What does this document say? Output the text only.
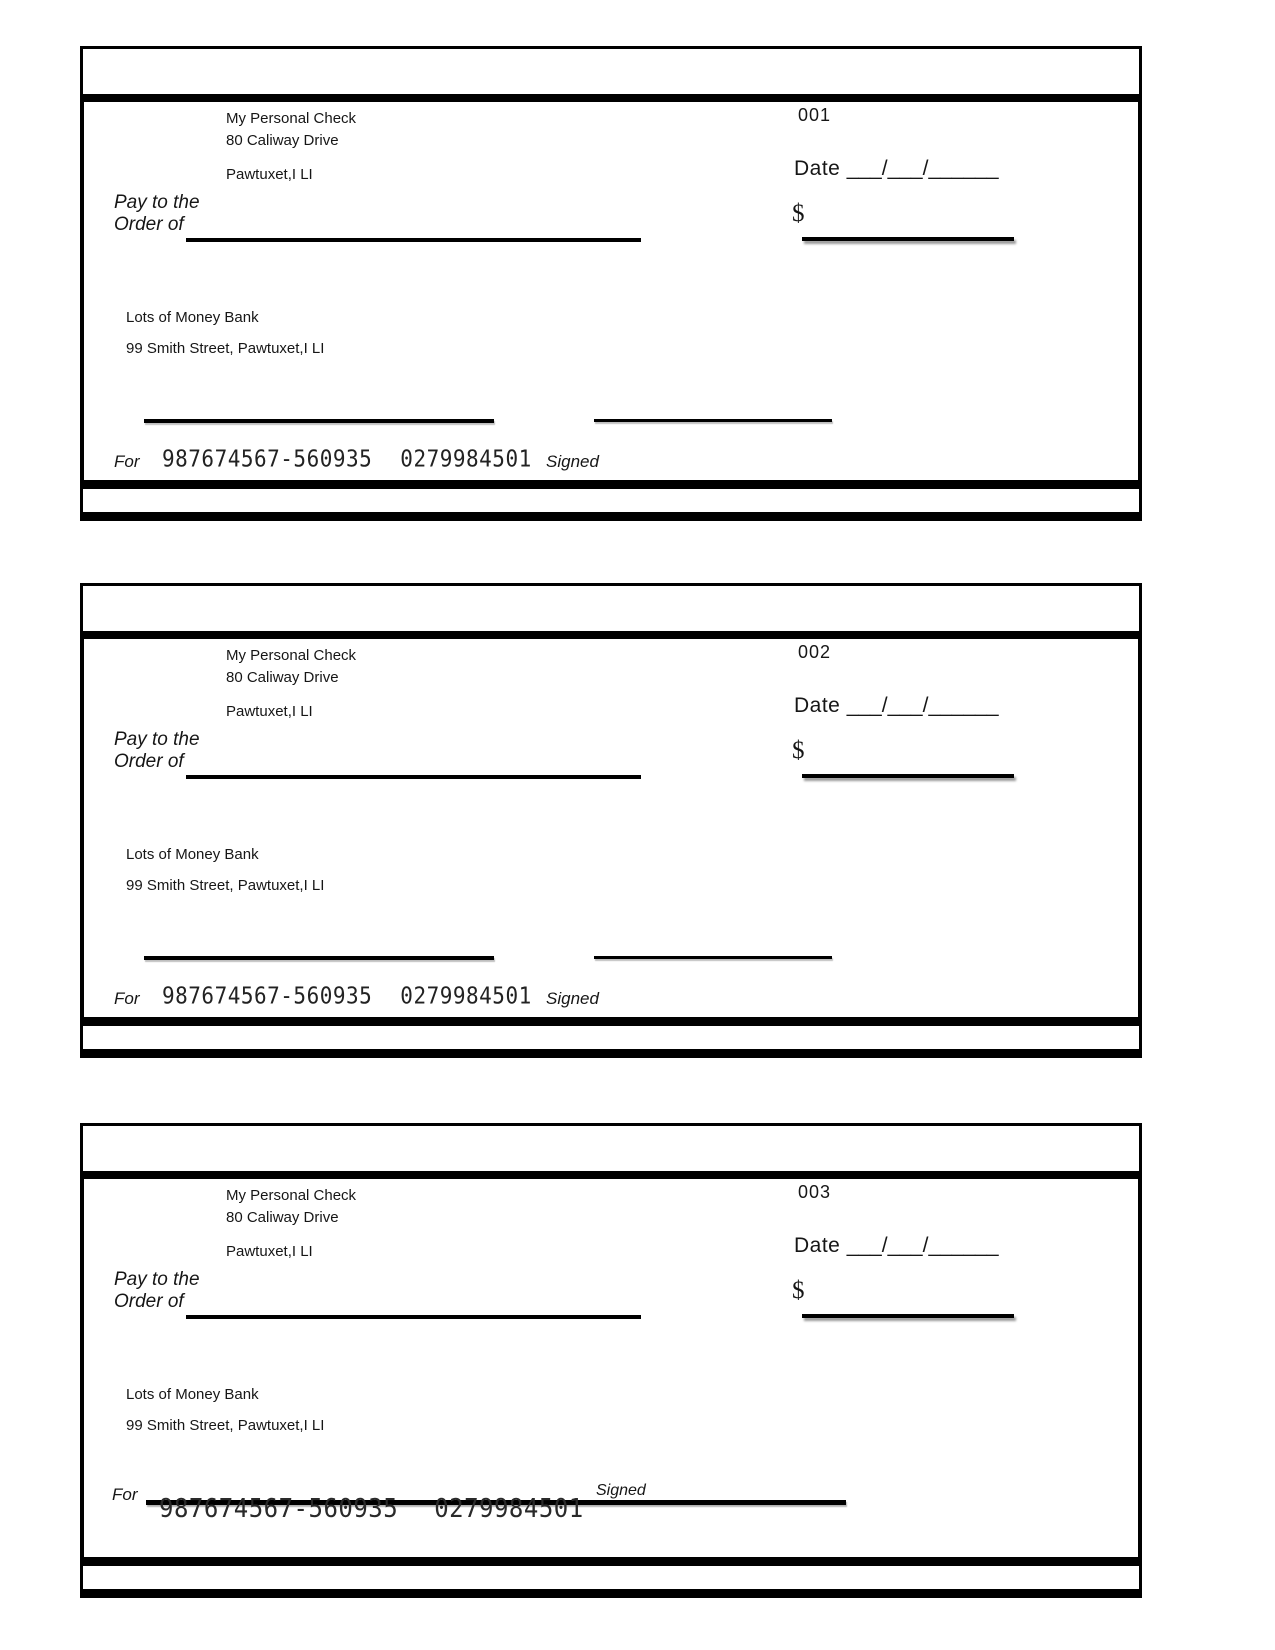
My Personal Check
80 Caliway Drive
Pawtuxet,I LI
001
Date ___/___/______
Pay to the
Order of	$
Lots of Money Bank
99 Smith Street, Pawtuxet,I LI
For 987674567-560935 0279984501 Signed
My Personal Check
80 Caliway Drive
Pawtuxet,I LI
002
Date ___/___/______
Pay to the
Order of	$
Lots of Money Bank
99 Smith Street, Pawtuxet,I LI
For 987674567-560935 0279984501 Signed
My Personal Check
80 Caliway Drive
Pawtuxet,I LI
003
Date ___/___/______
Pay to the
Order of	$
Lots of Money Bank
99 Smith Street, Pawtuxet,I LI
For 987674567-560935 0279984501
Signed
